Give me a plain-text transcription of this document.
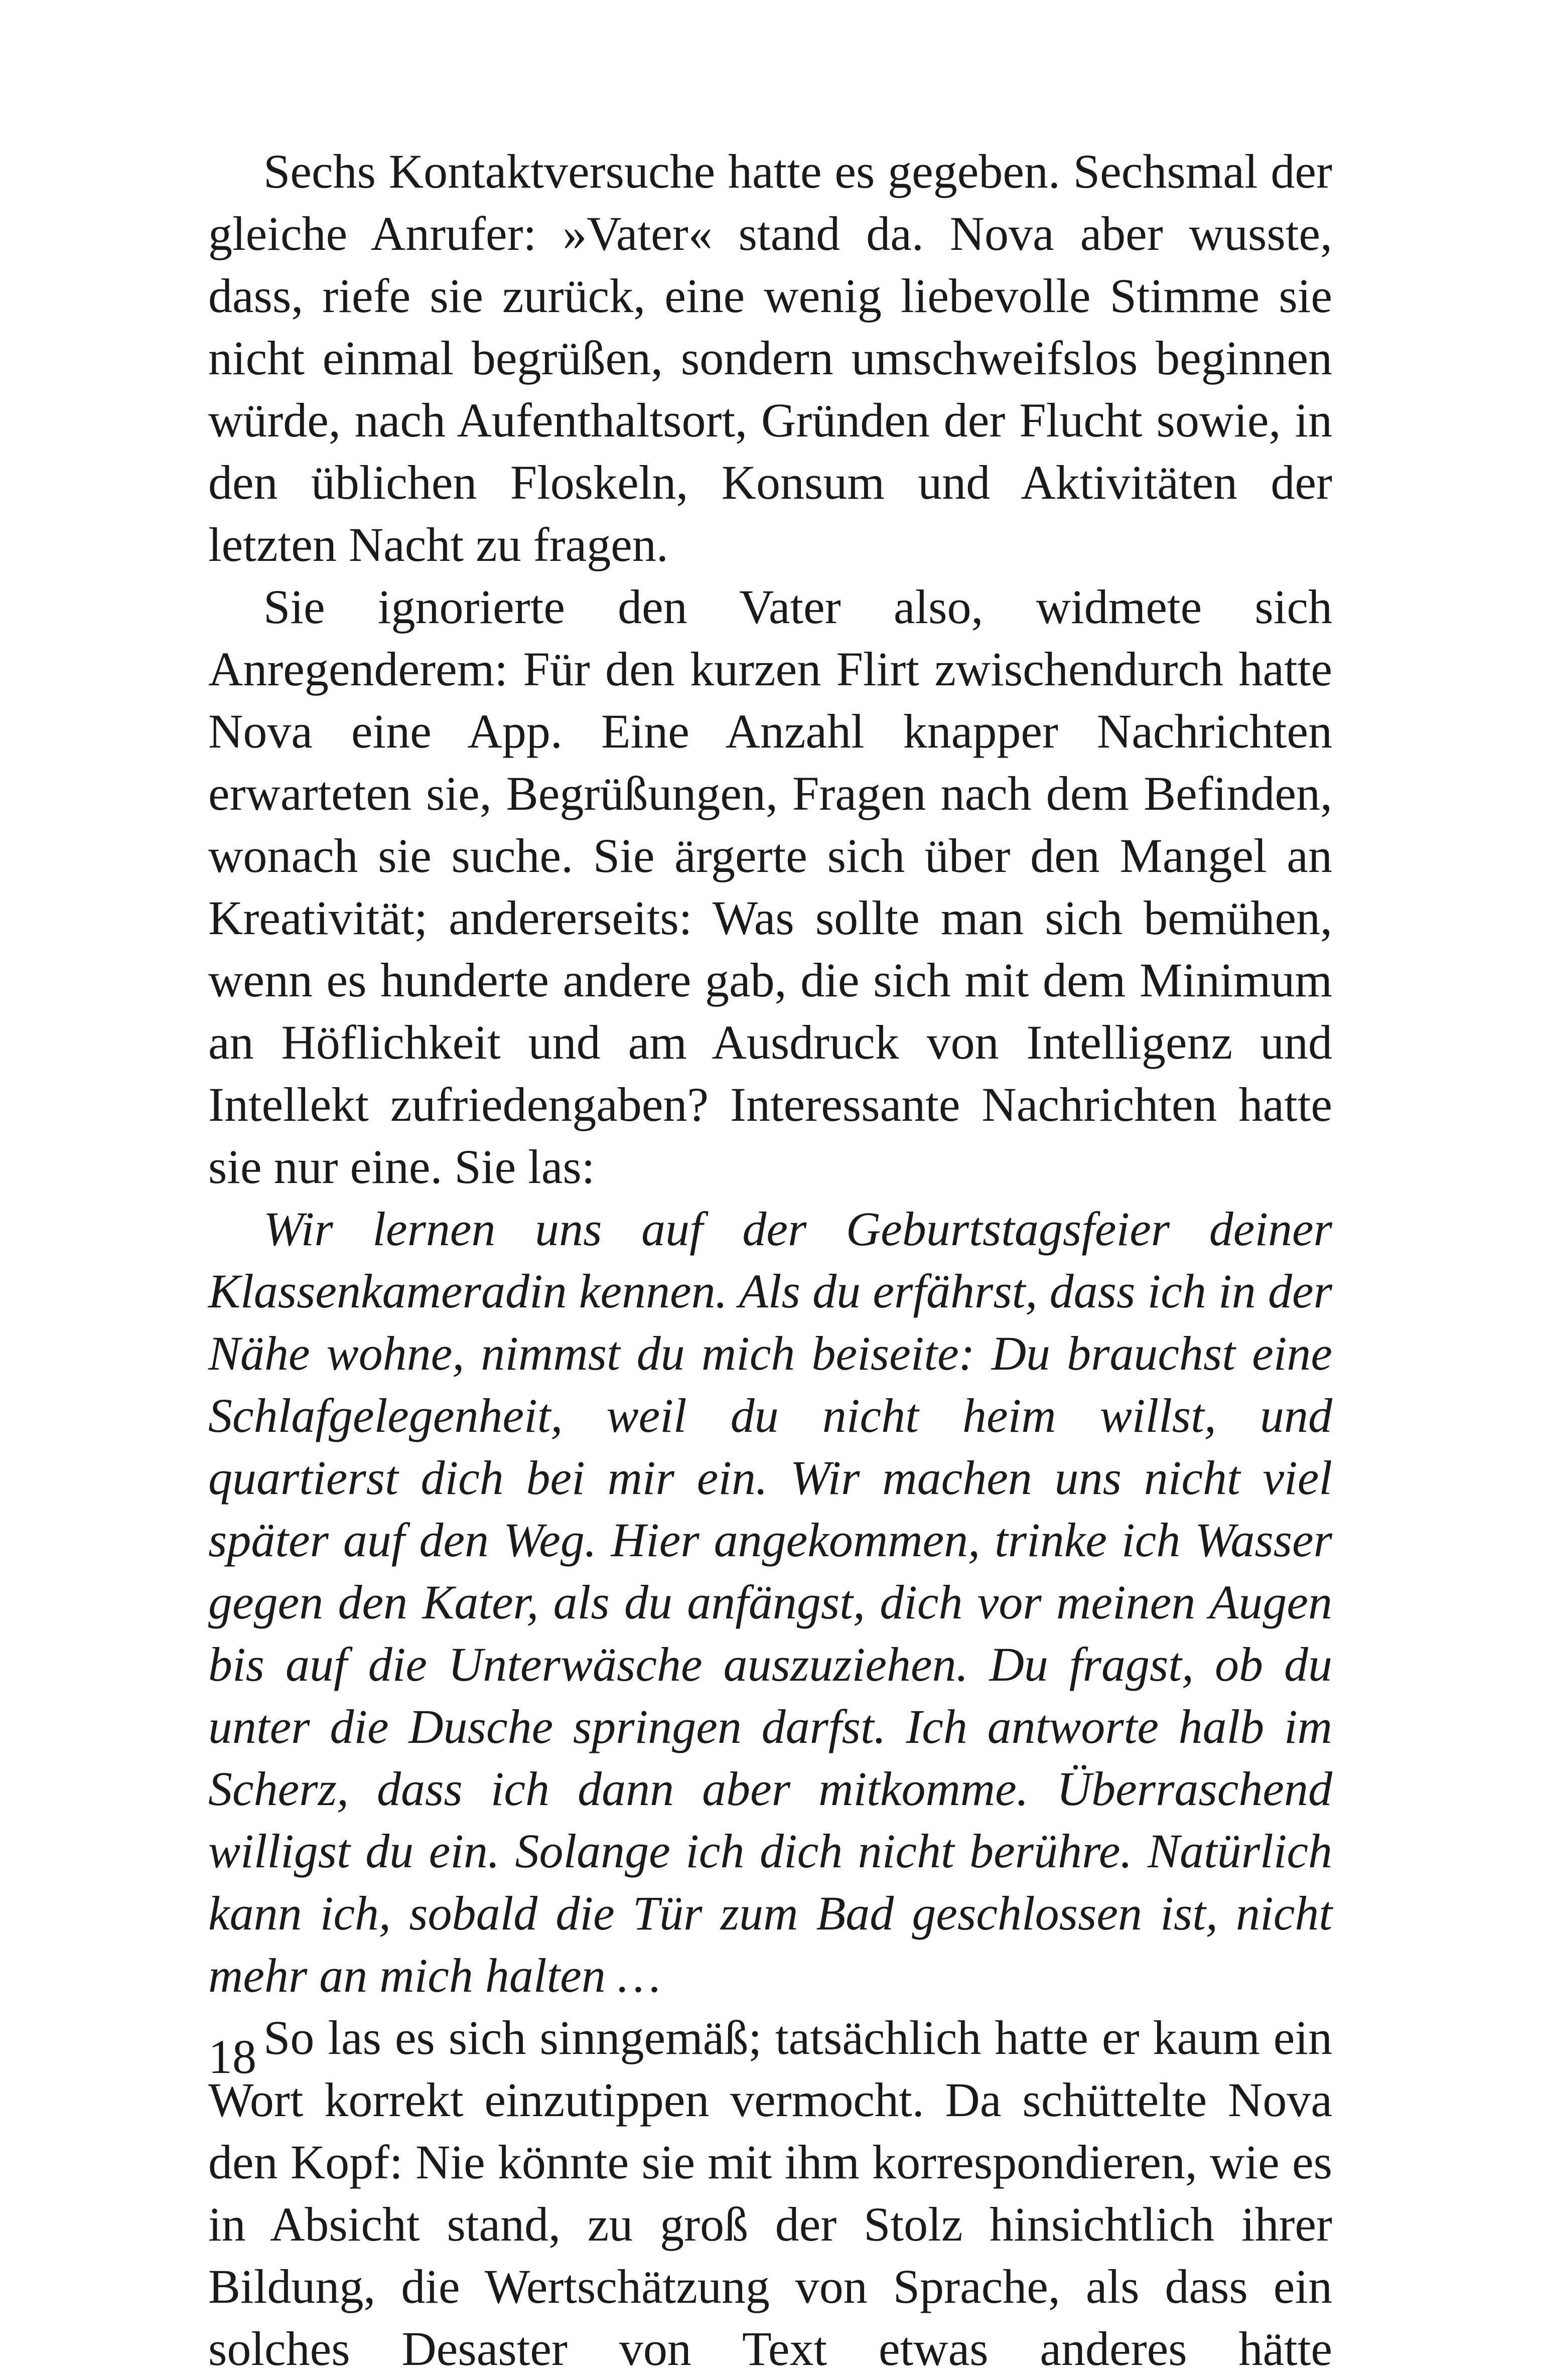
Sechs Kontaktversuche hatte es gegeben. Sechsmal der gleiche Anrufer: »Vater« stand da. Nova aber wusste, dass, riefe sie zurück, eine wenig liebevolle Stimme sie nicht einmal begrüßen, sondern umschweifslos beginnen würde, nach Aufenthaltsort, Gründen der Flucht sowie, in den üblichen Floskeln, Konsum und Aktivitäten der letzten Nacht zu fragen.

Sie ignorierte den Vater also, widmete sich Anregenderem: Für den kurzen Flirt zwischendurch hatte Nova eine App. Eine Anzahl knapper Nachrichten erwarteten sie, Begrüßungen, Fragen nach dem Befinden, wonach sie suche. Sie ärgerte sich über den Mangel an Kreativität; andererseits: Was sollte man sich bemühen, wenn es hunderte andere gab, die sich mit dem Minimum an Höflichkeit und am Ausdruck von Intelligenz und Intellekt zufriedengaben? Interessante Nachrichten hatte sie nur eine. Sie las:

Wir lernen uns auf der Geburtstagsfeier deiner Klassenkameradin kennen. Als du erfährst, dass ich in der Nähe wohne, nimmst du mich beiseite: Du brauchst eine Schlafgelegenheit, weil du nicht heim willst, und quartierst dich bei mir ein. Wir machen uns nicht viel später auf den Weg. Hier angekommen, trinke ich Wasser gegen den Kater, als du anfängst, dich vor meinen Augen bis auf die Unterwäsche auszuziehen. Du fragst, ob du unter die Dusche springen darfst. Ich antworte halb im Scherz, dass ich dann aber mitkomme. Überraschend willigst du ein. Solange ich dich nicht berühre. Natürlich kann ich, sobald die Tür zum Bad geschlossen ist, nicht mehr an mich halten …

So las es sich sinngemäß; tatsächlich hatte er kaum ein Wort korrekt einzutippen vermocht. Da schüttelte Nova den Kopf: Nie könnte sie mit ihm korrespondieren, wie es in Absicht stand, zu groß der Stolz hinsichtlich ihrer Bildung, die Wertschätzung von Sprache, als dass ein solches Desaster von Text etwas anderes hätte

18
